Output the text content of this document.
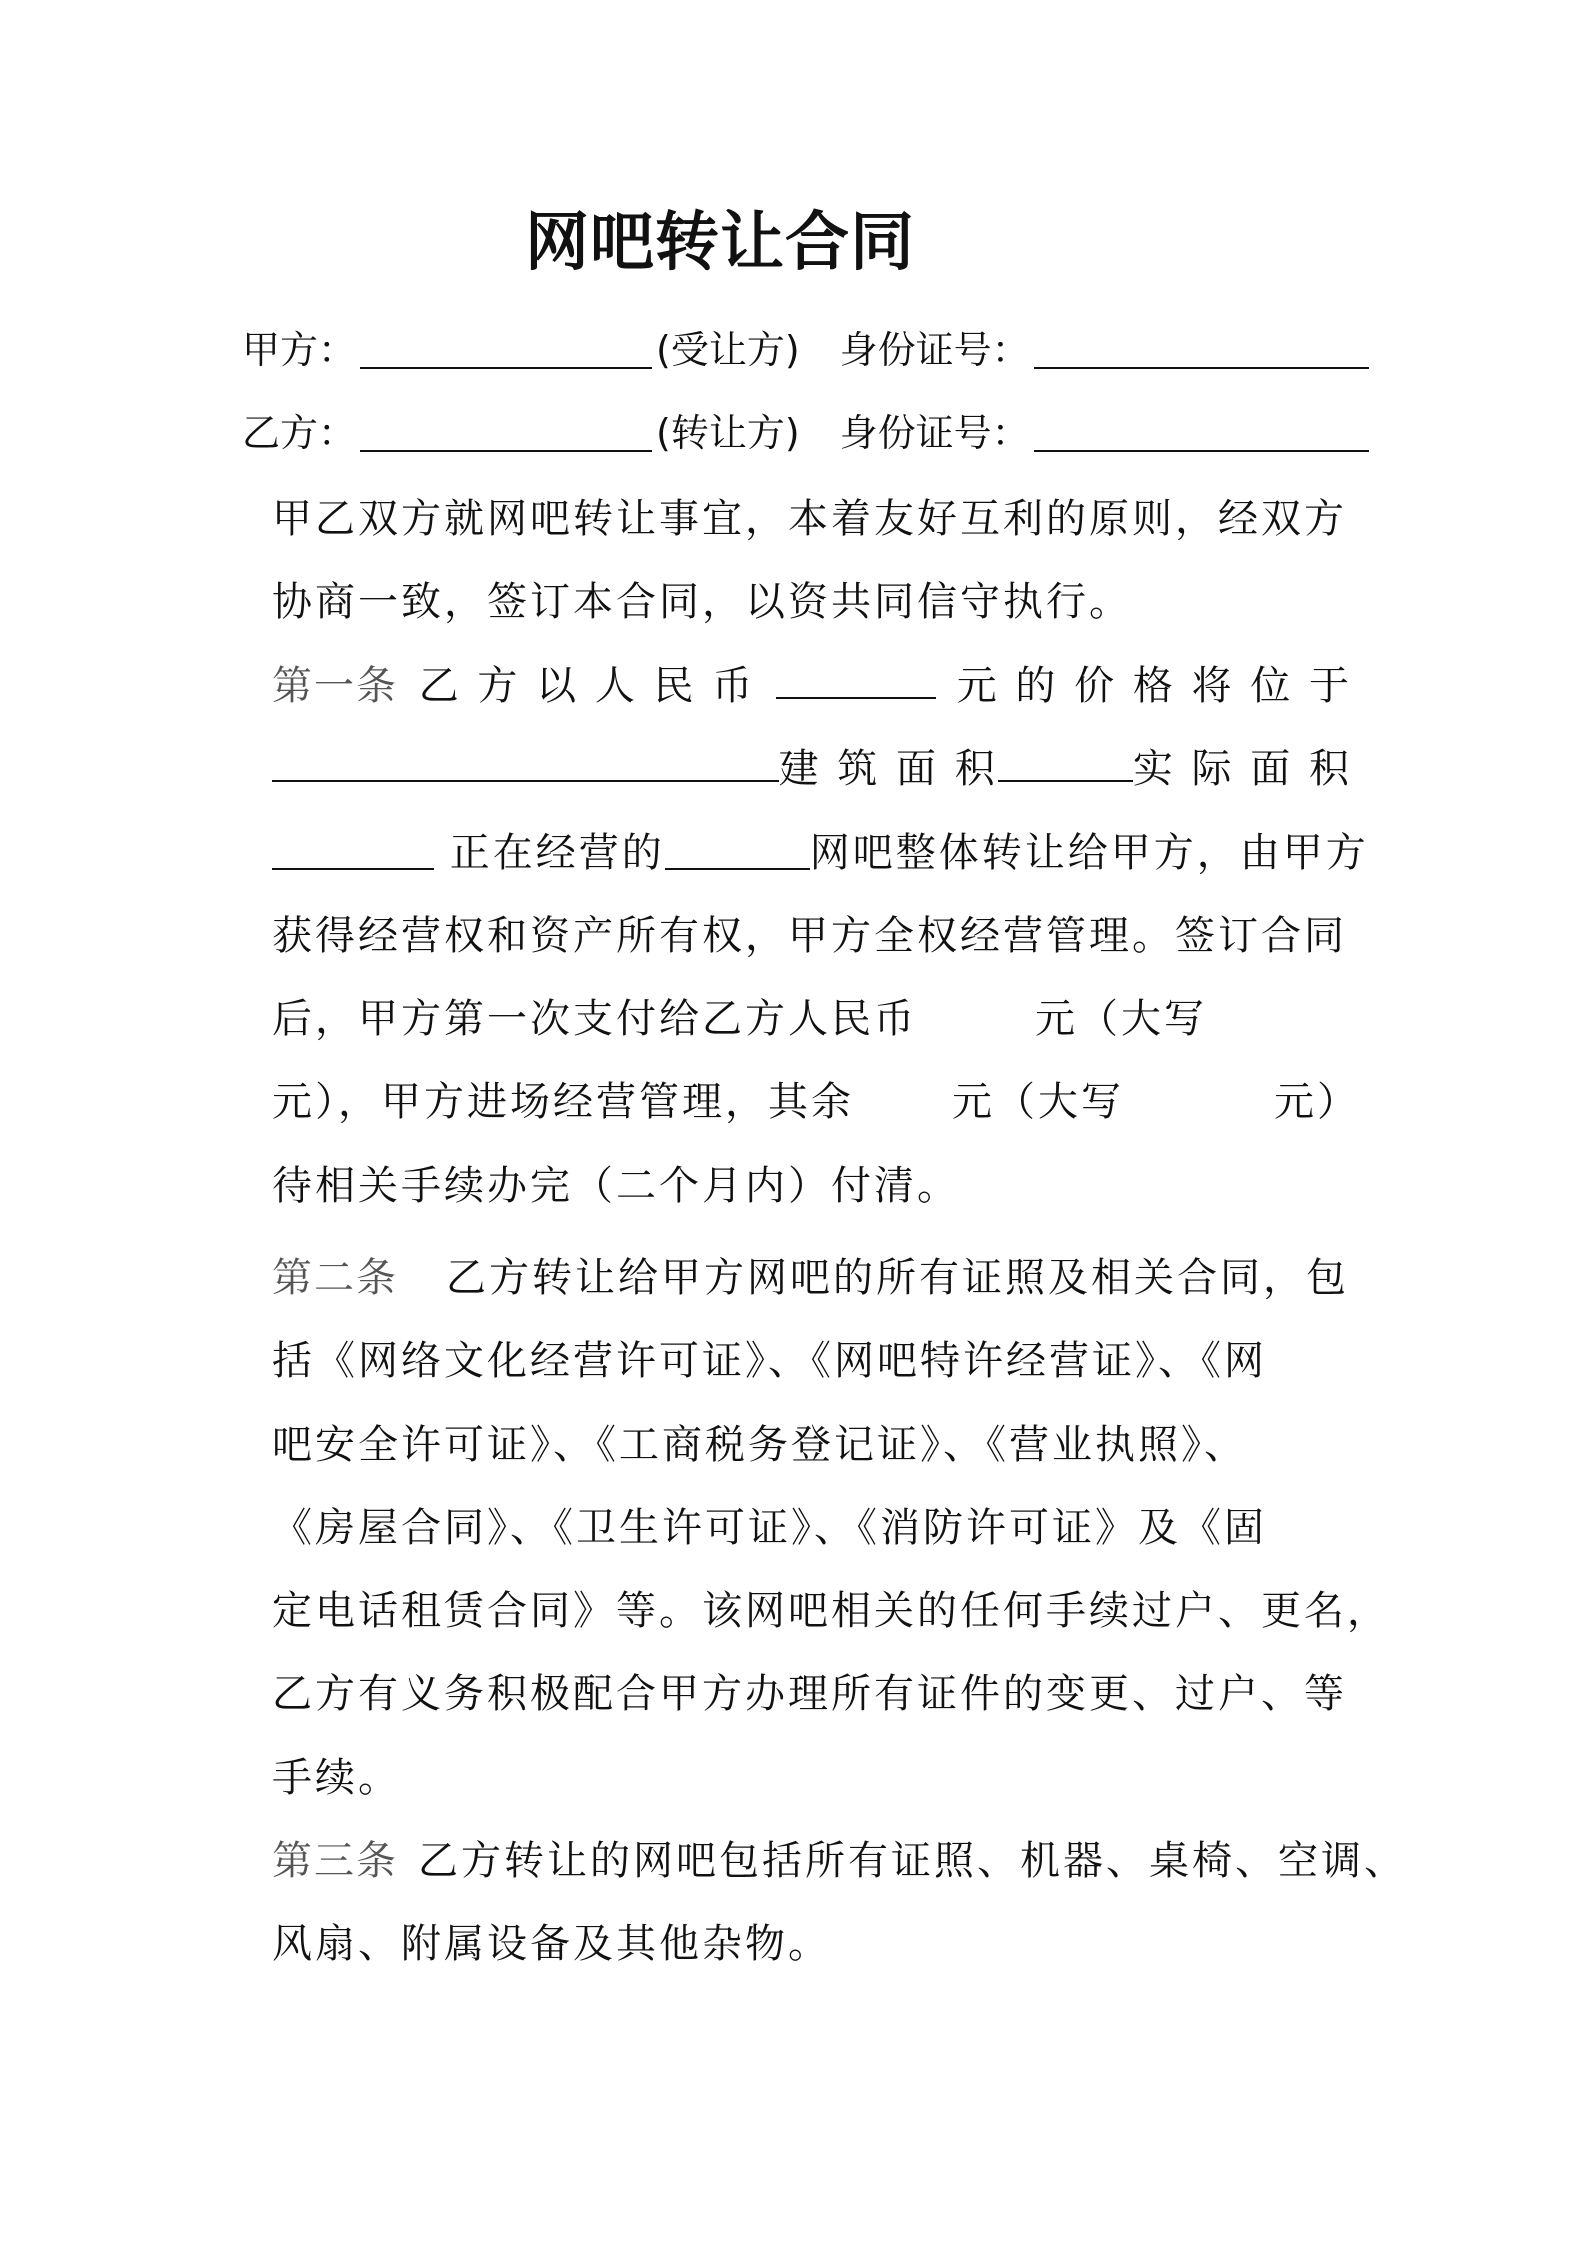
网吧转让合同
甲方：	(受让方) 身份证号：
乙方：	(转让方) 身份证号：
甲乙双方就网吧转让事宜，本着友好互利的原则，经双方
协商一致，签订本合同，以资共同信守执行。
第一条 乙 方 以 人 民 币	元 的 价 格 将 位 于
建 筑 面 积	实 际 面 积
正在经营的	网吧整体转让给甲方，由甲方
获得经营权和资产所有权，甲方全权经营管理。签订合同
后，甲方第一次支付给乙方人民币	元（大写
元），甲方进场经营管理，其余 元（大写	元）
待相关手续办完（二个月内）付清。
第二条 乙方转让给甲方网吧的所有证照及相关合同，包
括《网络文化经营许可证》、《网吧特许经营证》、《网
吧安全许可证》、《工商税务登记证》、《营业执照》、
《房屋合同》、《卫生许可证》、《消防许可证》及《固
定电话租赁合同》等。该网吧相关的任何手续过户、更名，
乙方有义务积极配合甲方办理所有证件的变更、过户、等
手续。
第三条 乙方转让的网吧包括所有证照、机器、桌椅、空调、
风扇、附属设备及其他杂物。
